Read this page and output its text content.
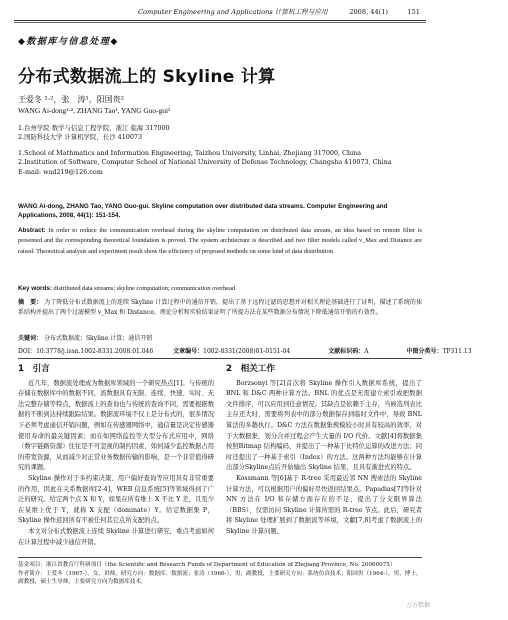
Computer Engineering and Applications 计算机工程与应用	2008, 44(1)	151
◆数据库与信息处理◆
分布式数据流上的 Skyline 计算
王爱冬 ¹·²，张　涛¹，阳国贵²
WANG Ai-dong¹·², ZHANG Tao¹, YANG Guo-gui²
1.台州学院 数学与信息工程学院，浙江 临海 317000
2.国防科技大学 计算机学院，长沙 410073
1.School of Mathmatics and Information Engineering, Taizhou University, Linhai, Zhejiang 317000, China
2.Institution of Software, Computer School of National University of Defense Technology, Changsha 410073, China
E-mail: wad219@126.com
WANG Ai-dong, ZHANG Tao, YANG Guo-gui. Skyline computation over distributed data streams. Computer Engineering and Applications, 2008, 44(1): 151-154.
Abstract: In order to reduce the communication overhead during the skyline computation on distributed data stream, an idea based on remote filter is presented and the corresponding theoretical foundation is proved. The system architecture is described and two filter models called v_Max and Distance are raised. Theoretical analysis and experiment result show the efficiency of proposed methods on some kind of data distribution.
Key words: distributed data streams; skyline computation; communication overhead
摘　要： 为了降低分布式数据流上的连续 Skyline 计算过程中的通信开销，提出了基于远程过滤的思想并对相关理论基础进行了证明，描述了系统的体系结构并提出了两个过滤模型 v_Max 和 Distance。理论分析和实验结果证明了所提方法在某些数据分布情况下降低通信开销的有效性。
关键词： 分布式数据流；Skyline 计算；通信开销
DOI：10.3778/j.issn.1002-8331.2008.01.046	文章编号：1002-8331(2008)01-0151-04	文献标识码：A	中图分类号：TP311.13
1　引言

近几年，数据流处理成为数据库领域的一个研究热点[1]。与传统的存储在数据库中的数据不同，流数据具有无限、连续、快速、实时、无法完整存储等特点，数据流上的查询也与传统的查询不同，需要根据数据的不断到达持续跟踪结果。数据流环境不仅上是分布式的，很多情况下必须考虑通信开销问题，例如在传感器网络中，通信量是决定传感器使用寿命的最关键因素；而在如网络监控等大型分布式应用中，网络（数字链路资源）往往是不可忽视的制约因素，如何减少监控数据占用的带宽资源，从而减少对正常业务数据传输的影响，是一个非常值得研究的课题。

Skyline 操作对于多约束决策、用户偏好查询等应用具有非常重要的作用，因此在关系数据库[2-4]、WEB 信息系统[5]等领域得到了广泛的研究。给定两个点 X 和 Y，如果在所有维上 X 不比 Y 差，且至少在某维上优于 Y，就称 X 支配（dominate）Y。给定数据集 P，Skyline 操作返回所有不被任何其它点所支配的点。

本文对分布式数据流上连续 Skyline 计算进行研究，重点考虑如何在计算过程中减少通信开销。

2　相关工作

Borzsonyi 等[2]首次将 Skyline 操作引入数据库系统，提出了 BNL 和 D&C 两种计算方法。BNL 的优点是无需建立索引或把数据文件排序，可以应用到任意情况；其缺点是依赖于主存，当候选列表比主存还大时，需要将列表中的部分数据保存到临时文件中，导致 BNL 算法的多趟执行。D&C 方法在数据集规模较小时具有较高的效率，对于大数据集，划分合并过程会产生大量的 I/O 代价。文献[4]将数据集按照Bitmap 结构编码，并提出了一种基于比特位运算的改进方法；同时还提出了一种基于索引（Index）的方法。这两种方法均能够在计算出部分Skyline点后开始输出 Skyline 结果，且具有渐进式的特点。

Kossmann 等[6]基于 R-tree 采用最近邻 NN 搜索法的 Skyline 计算方法，可以根据用户的偏好尽快返回结果点。Papadias[7]等针对 NN 方法在 I/O 和存储方面存在的不足，提出了分支限界算法（BBS），仅需访问 Skyline 计算所需的 R-tree 节点。此后，研究者将 Skyline 处理扩展到了数据流等环境，文献[7,8]考虑了数据流上的 Skyline 计算问题。

基金项目：浙江省教育厅科研项目（the Scientific and Research Funds of Department of Education of Zhejiang Province, No. 20060075）
作者简介：王爱冬（1967-），女，讲师，研究方向：数据库、数据流；张涛（1966-），男，副教授，主要研究方向：系统仿真技术；阳国贵（1964-），男，博士，副教授，硕士生导师，主要研究方向为数据库技术。
万方数据
